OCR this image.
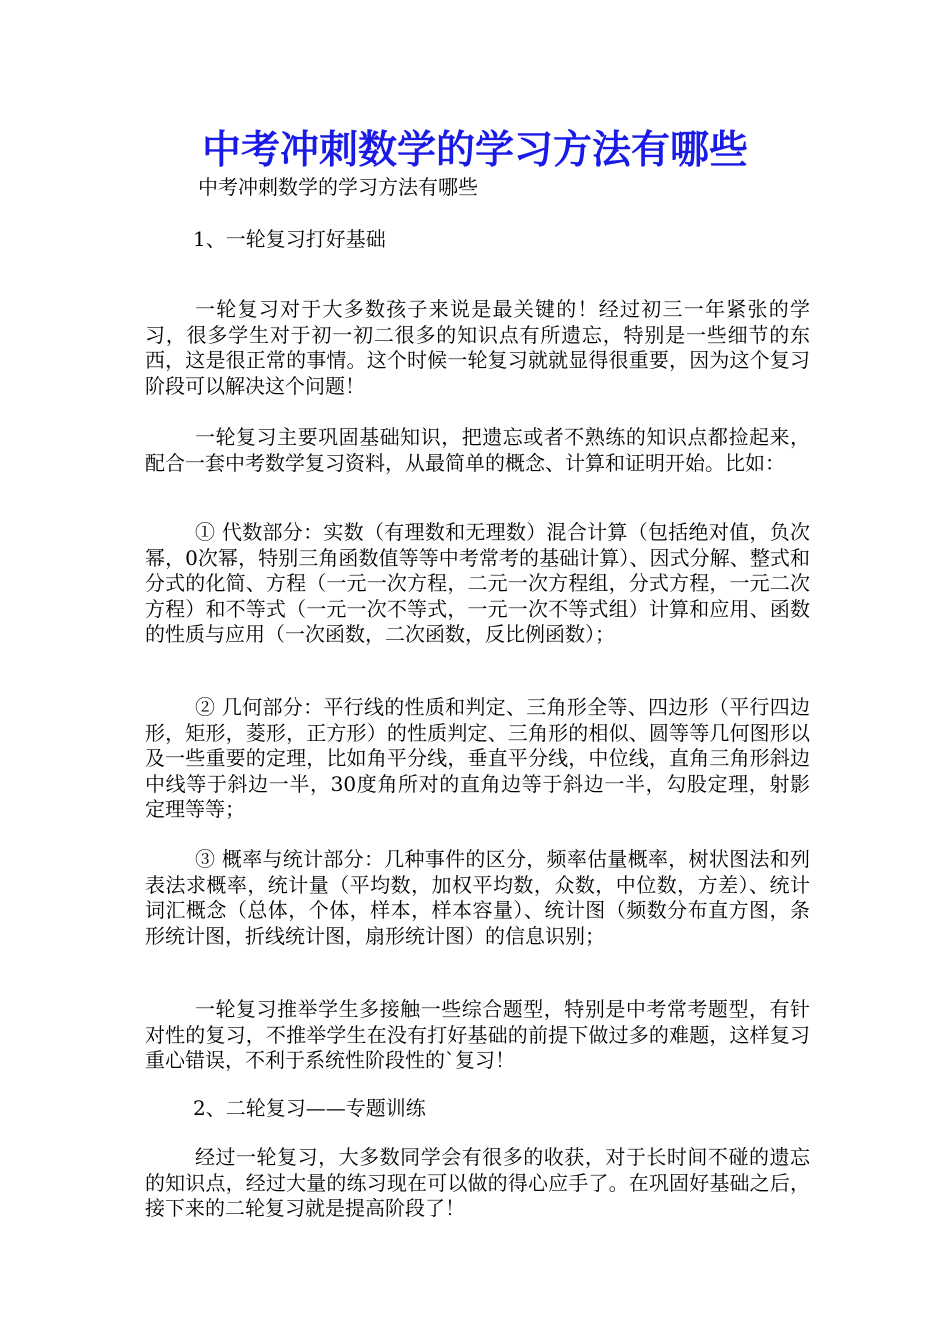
中考冲刺数学的学习方法有哪些

中考冲刺数学的学习方法有哪些

1、一轮复习打好基础

一轮复习对于大多数孩子来说是最关键的！经过初三一年紧张的学习，很多学生对于初一初二很多的知识点有所遗忘，特别是一些细节的东西，这是很正常的事情。这个时候一轮复习就就显得很重要，因为这个复习阶段可以解决这个问题！

一轮复习主要巩固基础知识，把遗忘或者不熟练的知识点都捡起来，配合一套中考数学复习资料，从最简单的概念、计算和证明开始。比如：

① 代数部分：实数（有理数和无理数）混合计算（包括绝对值，负次幂，0次幂，特别三角函数值等等中考常考的基础计算）、因式分解、整式和分式的化简、方程（一元一次方程，二元一次方程组，分式方程，一元二次方程）和不等式（一元一次不等式，一元一次不等式组）计算和应用、函数的性质与应用（一次函数，二次函数，反比例函数）；

② 几何部分：平行线的性质和判定、三角形全等、四边形（平行四边形，矩形，菱形，正方形）的性质判定、三角形的相似、圆等等几何图形以及一些重要的定理，比如角平分线，垂直平分线，中位线，直角三角形斜边中线等于斜边一半，30度角所对的直角边等于斜边一半，勾股定理，射影定理等等；

③ 概率与统计部分：几种事件的区分，频率估量概率，树状图法和列表法求概率，统计量（平均数，加权平均数，众数，中位数，方差）、统计词汇概念（总体，个体，样本，样本容量）、统计图（频数分布直方图，条形统计图，折线统计图，扇形统计图）的信息识别；

一轮复习推举学生多接触一些综合题型，特别是中考常考题型，有针对性的复习，不推举学生在没有打好基础的前提下做过多的难题，这样复习重心错误，不利于系统性阶段性的`复习！

2、二轮复习——专题训练

经过一轮复习，大多数同学会有很多的收获，对于长时间不碰的遗忘的知识点，经过大量的练习现在可以做的得心应手了。在巩固好基础之后，接下来的二轮复习就是提高阶段了！
